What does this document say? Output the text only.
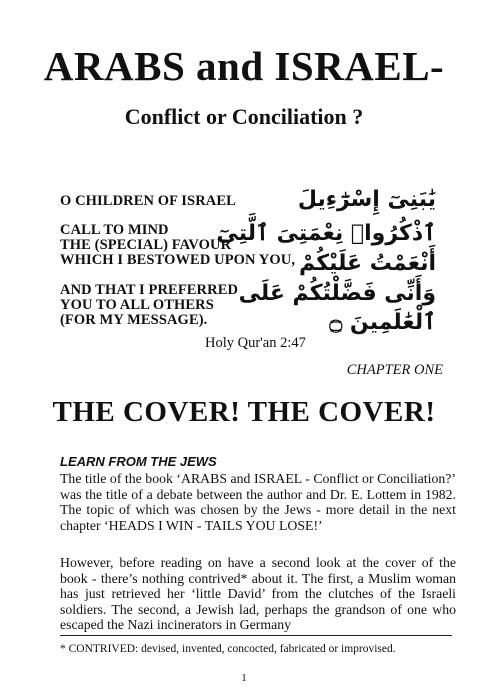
ARABS and ISRAEL-
Conflict or Conciliation ?
O CHILDREN OF ISRAEL
CALL TO MIND
THE (SPECIAL) FAVOUR
WHICH I BESTOWED UPON YOU,
AND THAT I PREFERRED
YOU TO ALL OTHERS
(FOR MY MESSAGE).
يَٰبَنِىٓ إِسْرَٰٓءِيلَ
ٱذْكُرُوا۟ نِعْمَتِىَ ٱلَّتِىٓ
أَنْعَمْتُ عَلَيْكُمْ
وَأَنِّى فَضَّلْتُكُمْ عَلَى
ٱلْعَٰلَمِينَ ۝
Holy Qur'an 2:47
CHAPTER ONE
THE COVER! THE COVER!
LEARN FROM THE JEWS
The title of the book ‘ARABS and ISRAEL - Conflict or Conciliation?’ was the title of a debate between the author and Dr. E. Lottem in 1982. The topic of which was chosen by the Jews - more detail in the next chapter ‘HEADS I WIN - TAILS YOU LOSE!’
However, before reading on have a second look at the cover of the book - there’s nothing contrived* about it. The first, a Muslim woman has just retrieved her ‘little David’ from the clutches of the Israeli soldiers. The second, a Jewish lad, perhaps the grandson of one who escaped the Nazi incinerators in Germany
* CONTRIVED: devised, invented, concocted, fabricated or improvised.
1
